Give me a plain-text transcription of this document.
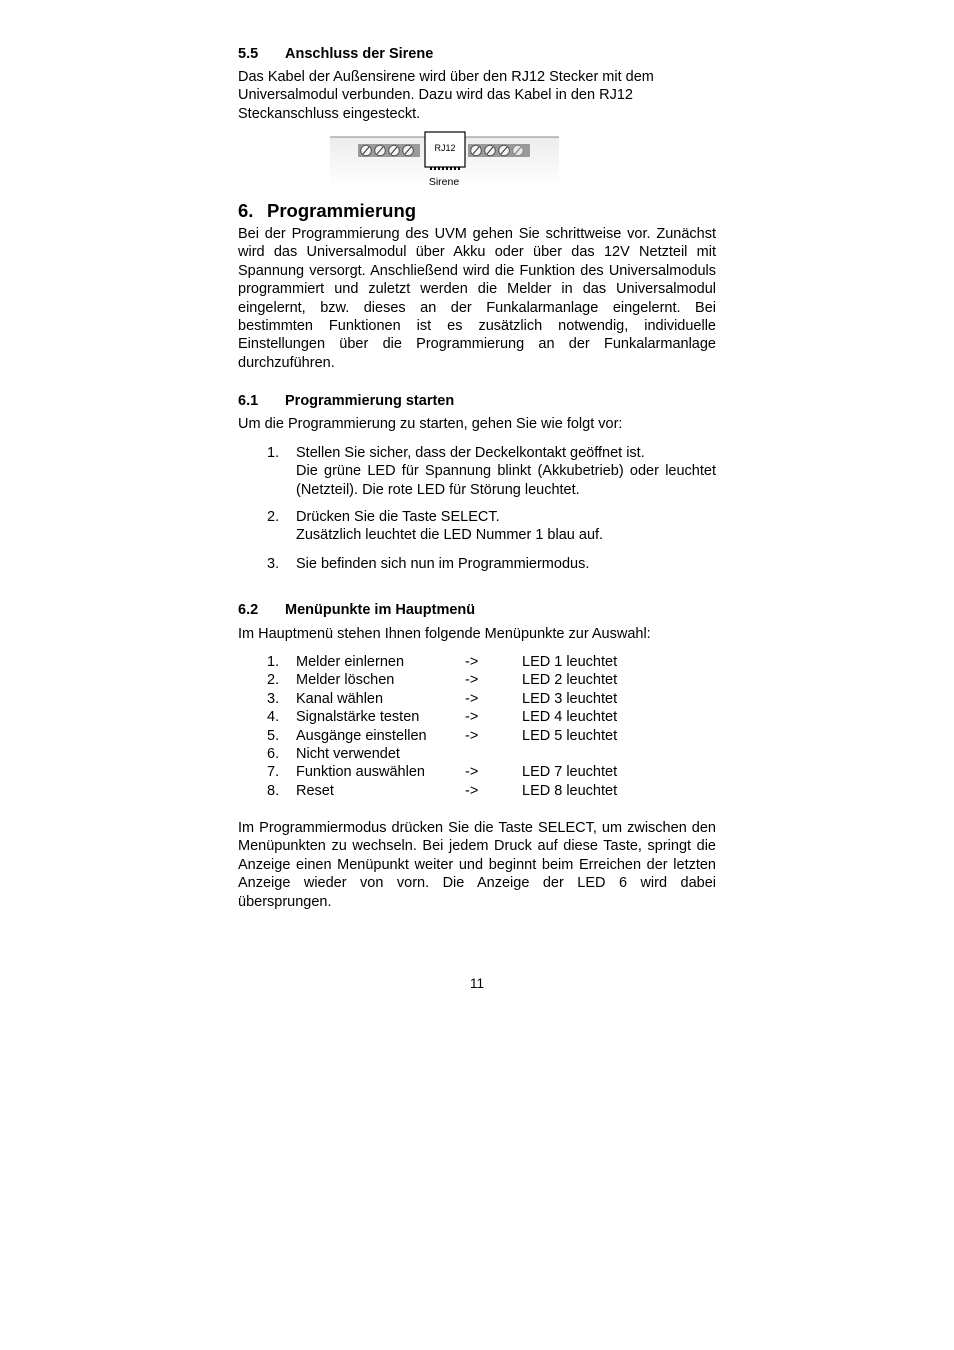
5.5 Anschluss der Sirene
Das Kabel der Außensirene wird über den RJ12 Stecker mit dem Universalmodul verbunden. Dazu wird das Kabel in den RJ12 Steckanschluss eingesteckt.
RJ12
Sirene
6. Programmierung
Bei der Programmierung des UVM gehen Sie schrittweise vor. Zunächst wird das Universalmodul über Akku oder über das 12V Netzteil mit Spannung versorgt. Anschließend wird die Funktion des Universalmoduls programmiert und zuletzt werden die Melder in das Universalmodul eingelernt, bzw. dieses an der Funkalarmanlage eingelernt. Bei bestimmten Funktionen ist es zusätzlich notwendig, individuelle Einstellungen über die Programmierung an der Funkalarmanlage durchzuführen.
6.1 Programmierung starten
Um die Programmierung zu starten, gehen Sie wie folgt vor:
1. Stellen Sie sicher, dass der Deckelkontakt geöffnet ist.
Die grüne LED für Spannung blinkt (Akkubetrieb) oder leuchtet (Netzteil). Die rote LED für Störung leuchtet.
2. Drücken Sie die Taste SELECT.
Zusätzlich leuchtet die LED Nummer 1 blau auf.
3. Sie befinden sich nun im Programmiermodus.
6.2 Menüpunkte im Hauptmenü
Im Hauptmenü stehen Ihnen folgende Menüpunkte zur Auswahl:
1. Melder einlernen	->	LED 1 leuchtet
2. Melder löschen	->	LED 2 leuchtet
3. Kanal wählen	->	LED 3 leuchtet
4. Signalstärke testen	->	LED 4 leuchtet
5. Ausgänge einstellen	->	LED 5 leuchtet
6. Nicht verwendet
7. Funktion auswählen	->	LED 7 leuchtet
8. Reset	->	LED 8 leuchtet
Im Programmiermodus drücken Sie die Taste SELECT, um zwischen den Menüpunkten zu wechseln. Bei jedem Druck auf diese Taste, springt die Anzeige einen Menüpunkt weiter und beginnt beim Erreichen der letzten Anzeige wieder von vorn. Die Anzeige der LED 6 wird dabei übersprungen.
11
